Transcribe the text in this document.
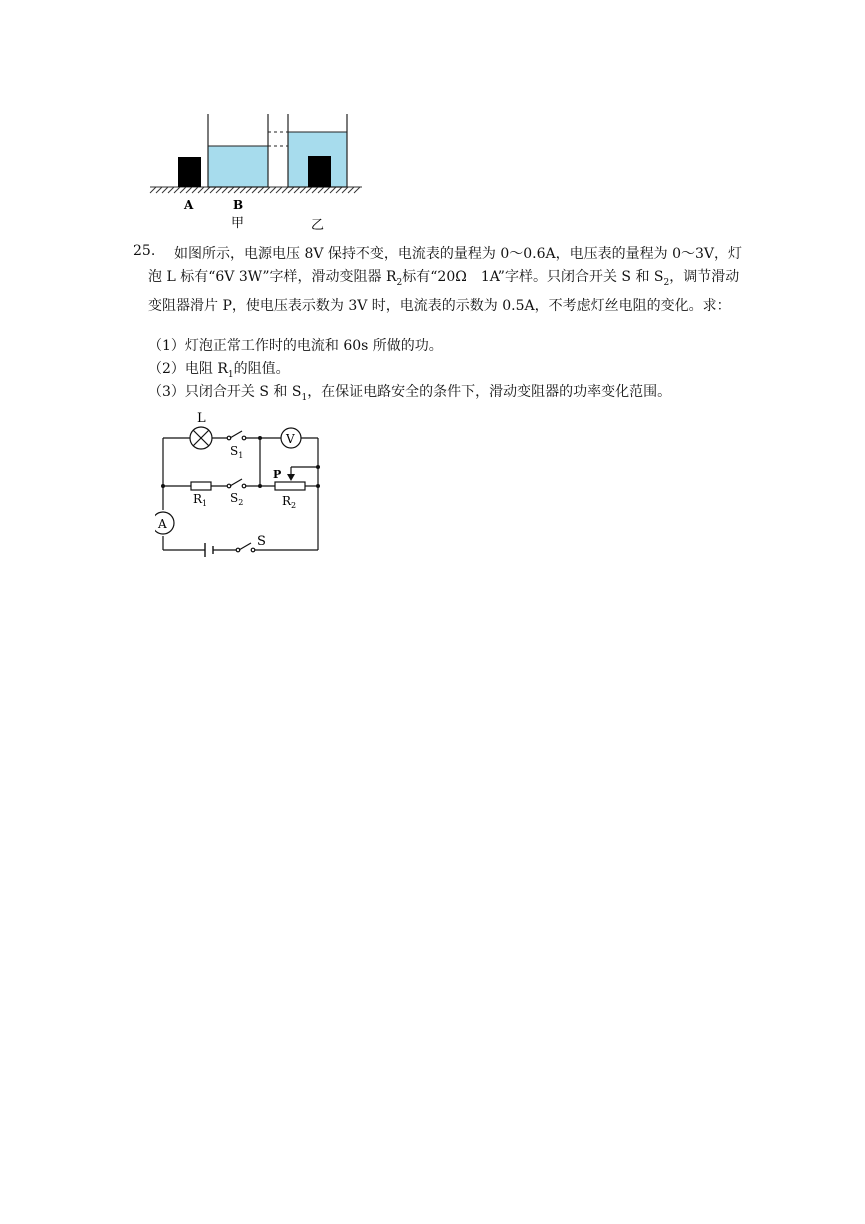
A	B
甲	乙
25.	如图所示，电源电压 8V 保持不变，电流表的量程为 0～0.6A，电压表的量程为 0～3V，灯泡 L 标有“6V 3W”字样，滑动变阻器 $R_2$标有“20Ω　1A”字样。只闭合开关 S 和 $S_2$，调节滑动变阻器滑片 P，使电压表示数为 3V 时，电流表的示数为 0.5A，不考虑灯丝电阻的变化。求：

（1）灯泡正常工作时的电流和 60s 所做的功。
（2）电阻 $R_1$的阻值。
（3）只闭合开关 S 和 $S_1$，在保证电路安全的条件下，滑动变阻器的功率变化范围。
V
A
L
$S_1$
$R_1$ $S_2$
P
$R_2$
S
